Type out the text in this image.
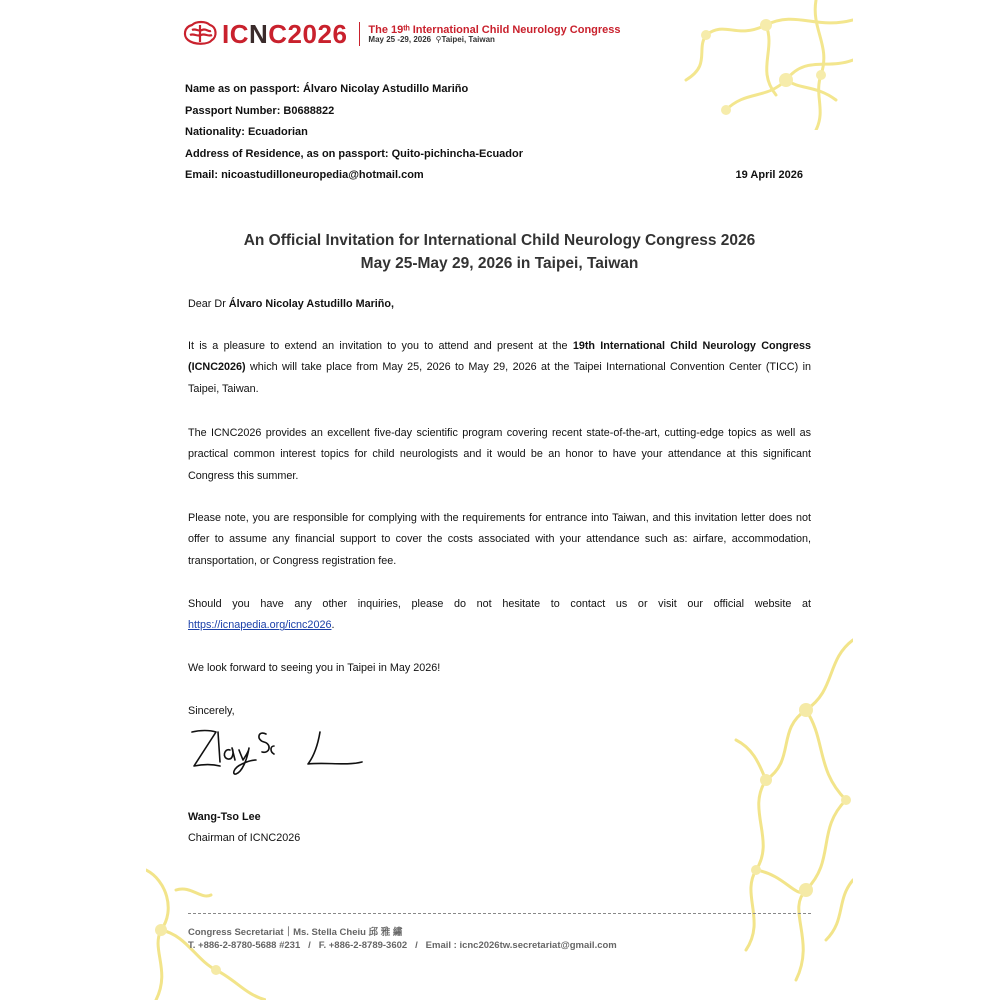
ICNC2026 The 19ᵗʰ International Child Neurology Congress
May 25 -29, 2026 ⚲Taipei, Taiwan
Name as on passport: Álvaro Nicolay Astudillo Mariño
Passport Number: B0688822
Nationality: Ecuadorian
Address of Residence, as on passport: Quito-pichincha-Ecuador
Email: nicoastudilloneuropedia@hotmail.com	19 April 2026
An Official Invitation for International Child Neurology Congress 2026
May 25-May 29, 2026 in Taipei, Taiwan

Dear Dr Álvaro Nicolay Astudillo Mariño,

It is a pleasure to extend an invitation to you to attend and present at the 19th International Child Neurology Congress (ICNC2026) which will take place from May 25, 2026 to May 29, 2026 at the Taipei International Convention Center (TICC) in Taipei, Taiwan.

The ICNC2026 provides an excellent five-day scientific program covering recent state-of-the-art, cutting-edge topics as well as practical common interest topics for child neurologists and it would be an honor to have your attendance at this significant Congress this summer.

Please note, you are responsible for complying with the requirements for entrance into Taiwan, and this invitation letter does not offer to assume any financial support to cover the costs associated with your attendance such as: airfare, accommodation, transportation, or Congress registration fee.

Should you have any other inquiries, please do not hesitate to contact us or visit our official website at https://icnapedia.org/icnc2026.

We look forward to seeing you in Taipei in May 2026!

Sincerely,

Wang-Tso Lee

Chairman of ICNC2026

Congress Secretariat｜Ms. Stella Cheiu 邱 雅 繡
T. +886-2-8780-5688 #231   /   F. +886-2-8789-3602   /   Email : icnc2026tw.secretariat@gmail.com
